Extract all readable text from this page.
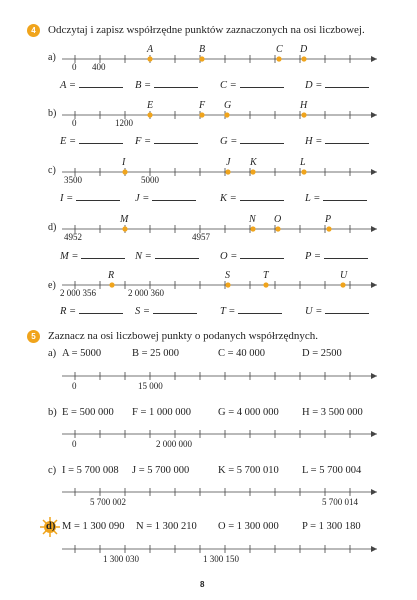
4	Odczytaj i zapisz współrzędne punktów zaznaczonych na osi liczbowej.
a)
A	B	C D
0 400
A =	B =	C =	D =
b)
E	F G	H
0	1200
E =	F =	G =	H =
c)
I	J K	L
3500	5000
I =	J =	K =	L =
d)
M	N O	P
4952	4957
M =	N =	O =	P =
e)
R	S	T	U
2 000 356	2 000 360
R =	S =	T =	U =
5	Zaznacz na osi liczbowej punkty o podanych współrzędnych.
a) A = 5000	B = 25 000	C = 40 000	D = 2500
0	15 000
b) E = 500 000 F = 1 000 000	G = 4 000 000 H = 3 500 000
0	2 000 000
c) I = 5 700 008 J = 5 700 000	K = 5 700 010 L = 5 700 004
5 700 002	5 700 014
d) M = 1 300 090 N = 1 300 210 O = 1 300 000 P = 1 300 180
1 300 030	1 300 150
8
